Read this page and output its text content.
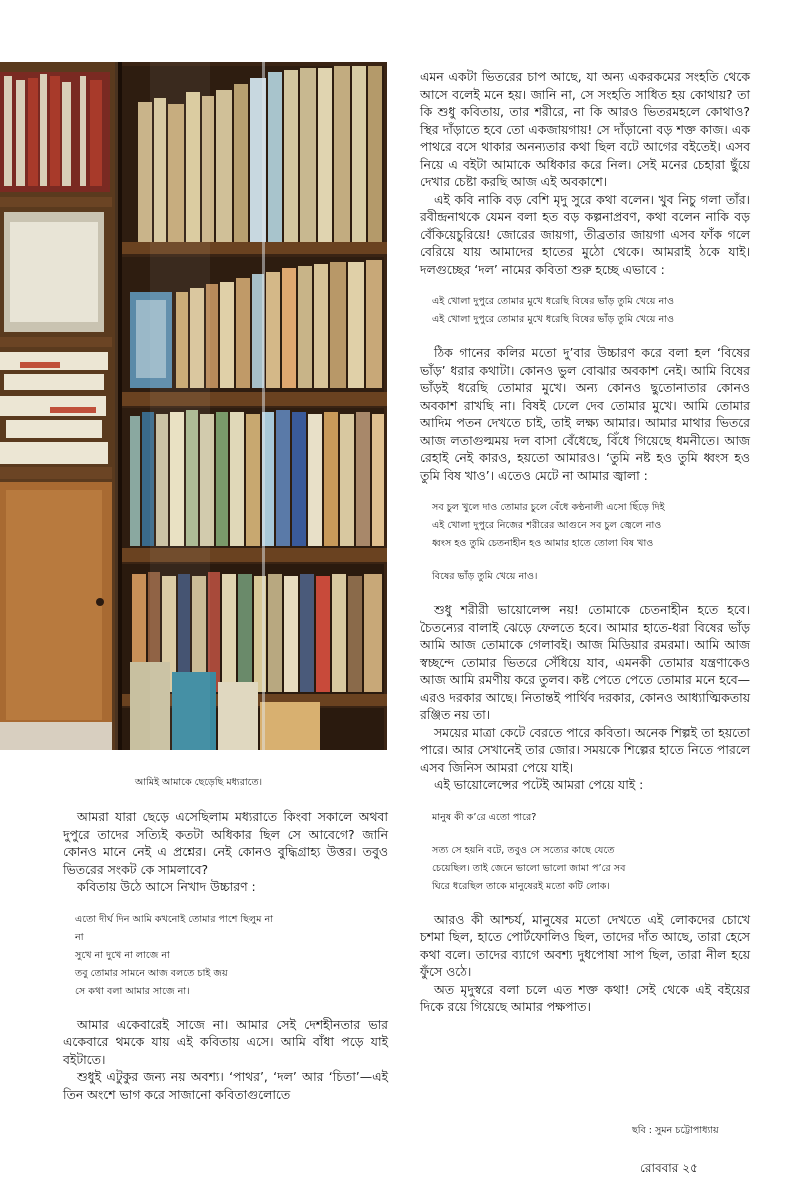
আমিই আমাকে ছেড়েছি মধ্যরাতে।

আমরা যারা ছেড়ে এসেছিলাম মধ্যরাতে কিংবা সকালে অথবা দুপুরে তাদের সত্যিই কতটা অধিকার ছিল সে আবেগে? জানি কোনও মানে নেই এ প্রশ্নের। নেই কোনও বুদ্ধিগ্রাহ্য উত্তর। তবুও ভিতরের সংকট কে সামলাবে?

কবিতায় উঠে আসে নিখাদ উচ্চারণ :

এতো দীর্ঘ দিন আমি কখনোই তোমার পাশে ছিলুম না

না

সুখে না দুখে না লাজে না

তবু তোমার সামনে আজ বলতে চাই জয়

সে কথা বলা আমার সাজে না।

আমার একেবারেই সাজে না। আমার সেই দেশহীনতার ভার একেবারে থমকে যায় এই কবিতায় এসে। আমি বাঁধা পড়ে যাই বইটাতে।

শুধুই এটুকুর জন্য নয় অবশ্য। ‘পাথর’, ‘দল’ আর ‘চিতা’—এই তিন অংশে ভাগ করে সাজানো কবিতাগুলোতে

এমন একটা ভিতরের চাপ আছে, যা অন্য একরকমের সংহতি থেকে আসে বলেই মনে হয়। জানি না, সে সংহতি সাধিত হয় কোথায়? তা কি শুধু কবিতায়, তার শরীরে, না কি আরও ভিতরমহলে কোথাও? স্থির দাঁড়াতে হবে তো একজায়গায়! সে দাঁড়ানো বড় শক্ত কাজ। এক পাথরে বসে থাকার অনন্যতার কথা ছিল বটে আগের বইতেই। এসব নিয়ে এ বইটা আমাকে অধিকার করে নিল। সেই মনের চেহারা ছুঁয়ে দেখার চেষ্টা করছি আজ এই অবকাশে।

এই কবি নাকি বড় বেশি মৃদু সুরে কথা বলেন। খুব নিচু গলা তাঁর। রবীন্দ্রনাথকে যেমন বলা হত বড় কল্পনাপ্রবণ, কথা বলেন নাকি বড় বেঁকিয়েচুরিয়ে! জোরের জায়গা, তীব্রতার জায়গা এসব ফাঁক গলে বেরিয়ে যায় আমাদের হাতের মুঠো থেকে। আমরাই ঠকে যাই। দলগুচ্ছের ‘দল’ নামের কবিতা শুরু হচ্ছে এভাবে :

এই খোলা দুপুরে তোমার মুখে ধরেছি বিষের ভাঁড় তুমি খেয়ে নাও

এই খোলা দুপুরে তোমার মুখে ধরেছি বিষের ভাঁড় তুমি খেয়ে নাও

ঠিক গানের কলির মতো দু’বার উচ্চারণ করে বলা হল ‘বিষের ভাঁড়’ ধরার কথাটা। কোনও ভুল বোঝার অবকাশ নেই। আমি বিষের ভাঁড়ই ধরেছি তোমার মুখে। অন্য কোনও ছুতোনাতার কোনও অবকাশ রাখছি না। বিষই ঢেলে দেব তোমার মুখে। আমি তোমার আদিম পতন দেখতে চাই, তাই লক্ষ্য আমার। আমার মাথার ভিতরে আজ লতাগুল্মময় দল বাসা বেঁধেছে, বিঁধে গিয়েছে ধমনীতে। আজ রেহাই নেই কারও, হয়তো আমারও। ‘তুমি নষ্ট হও তুমি ধ্বংস হও তুমি বিষ খাও’। এতেও মেটে না আমার জ্বালা :

সব চুল খুলে দাও তোমার চুলে বেঁধে কণ্ঠনালী এসো ছিঁড়ে দিই

এই খোলা দুপুরে নিজের শরীরের আগুনে সব চুল জ্বেলে নাও

ধ্বংস হও তুমি চেতনাহীন হও আমার হাতে তোলা বিষ খাও

বিষের ভাঁড় তুমি খেয়ে নাও।

শুধু শরীরী ভায়োলেন্স নয়! তোমাকে চেতনাহীন হতে হবে। চৈতন্যের বালাই ঝেড়ে ফেলতে হবে। আমার হাতে-ধরা বিষের ভাঁড় আমি আজ তোমাকে গেলাবই। আজ মিডিয়ার রমরমা। আমি আজ স্বচ্ছন্দে তোমার ভিতরে সেঁধিয়ে যাব, এমনকী তোমার যন্ত্রণাকেও আজ আমি রমণীয় করে তুলব। কষ্ট পেতে পেতে তোমার মনে হবে—এরও দরকার আছে। নিতান্তই পার্থিব দরকার, কোনও আধ্যাত্মিকতায় রঞ্জিত নয় তা।

সময়ের মাত্রা কেটে বেরতে পারে কবিতা। অনেক শিল্পই তা হয়তো পারে। আর সেখানেই তার জোর। সময়কে শিল্পের হাতে নিতে পারলে এসব জিনিস আমরা পেয়ে যাই।

এই ভায়োলেন্সের পটেই আমরা পেয়ে যাই :

মানুষ কী ক’রে এতো পারে?

সত্য সে হয়নি বটে, তবুও সে সত্যের কাছে যেতে

চেয়েছিল। তাই জেনে ভালো ভালো জামা প’রে সব

ঘিরে ধরেছিল তাকে মানুষেরই মতো কটি লোক।

আরও কী আশ্চর্য, মানুষের মতো দেখতে এই লোকদের চোখে চশমা ছিল, হাতে পোর্টফোলিও ছিল, তাদের দাঁত আছে, তারা হেসে কথা বলে। তাদের ব্যাগে অবশ্য দুধপোষা সাপ ছিল, তারা নীল হয়ে ফুঁসে ওঠে।

অত মৃদুস্বরে বলা চলে এত শক্ত কথা! সেই থেকে এই বইয়ের দিকে রয়ে গিয়েছে আমার পক্ষপাত।

ছবি : সুমন চট্টোপাধ্যায়
রোববার ২৫
